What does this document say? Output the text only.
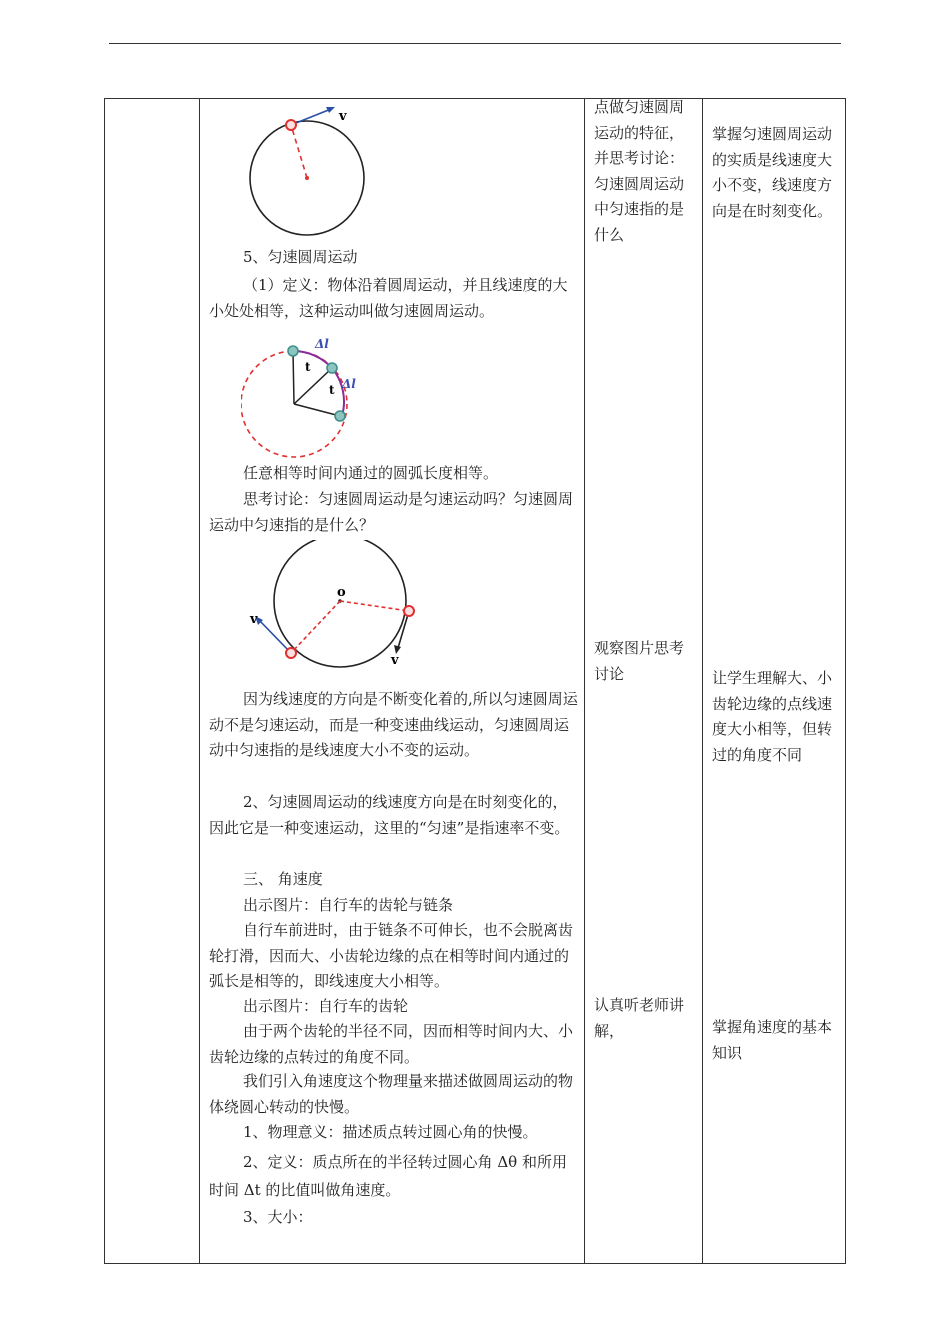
v
5、匀速圆周运动
（1）定义：物体沿着圆周运动，并且线速度的大小处处相等，这种运动叫做匀速圆周运动。
Δl
Δl
t
t
任意相等时间内通过的圆弧长度相等。
思考讨论：匀速圆周运动是匀速运动吗？匀速圆周运动中匀速指的是什么？
o
v
v
因为线速度的方向是不断变化着的,所以匀速圆周运动不是匀速运动，而是一种变速曲线运动，匀速圆周运动中匀速指的是线速度大小不变的运动。
2、匀速圆周运动的线速度方向是在时刻变化的，因此它是一种变速运动，这里的“匀速”是指速率不变。
三、 角速度
出示图片：自行车的齿轮与链条
自行车前进时，由于链条不可伸长，也不会脱离齿轮打滑，因而大、小齿轮边缘的点在相等时间内通过的弧长是相等的，即线速度大小相等。
出示图片：自行车的齿轮
由于两个齿轮的半径不同，因而相等时间内大、小齿轮边缘的点转过的角度不同。
我们引入角速度这个物理量来描述做圆周运动的物体绕圆心转动的快慢。
1、物理意义：描述质点转过圆心角的快慢。
2、定义：质点所在的半径转过圆心角 Δθ 和所用时间 Δt 的比值叫做角速度。
3、大小：
点做匀速圆周运动的特征，并思考讨论：匀速圆周运动中匀速指的是什么
观察图片思考讨论
认真听老师讲解，
掌握匀速圆周运动的实质是线速度大小不变，线速度方向是在时刻变化。
让学生理解大、小齿轮边缘的点线速度大小相等，但转过的角度不同
掌握角速度的基本知识
